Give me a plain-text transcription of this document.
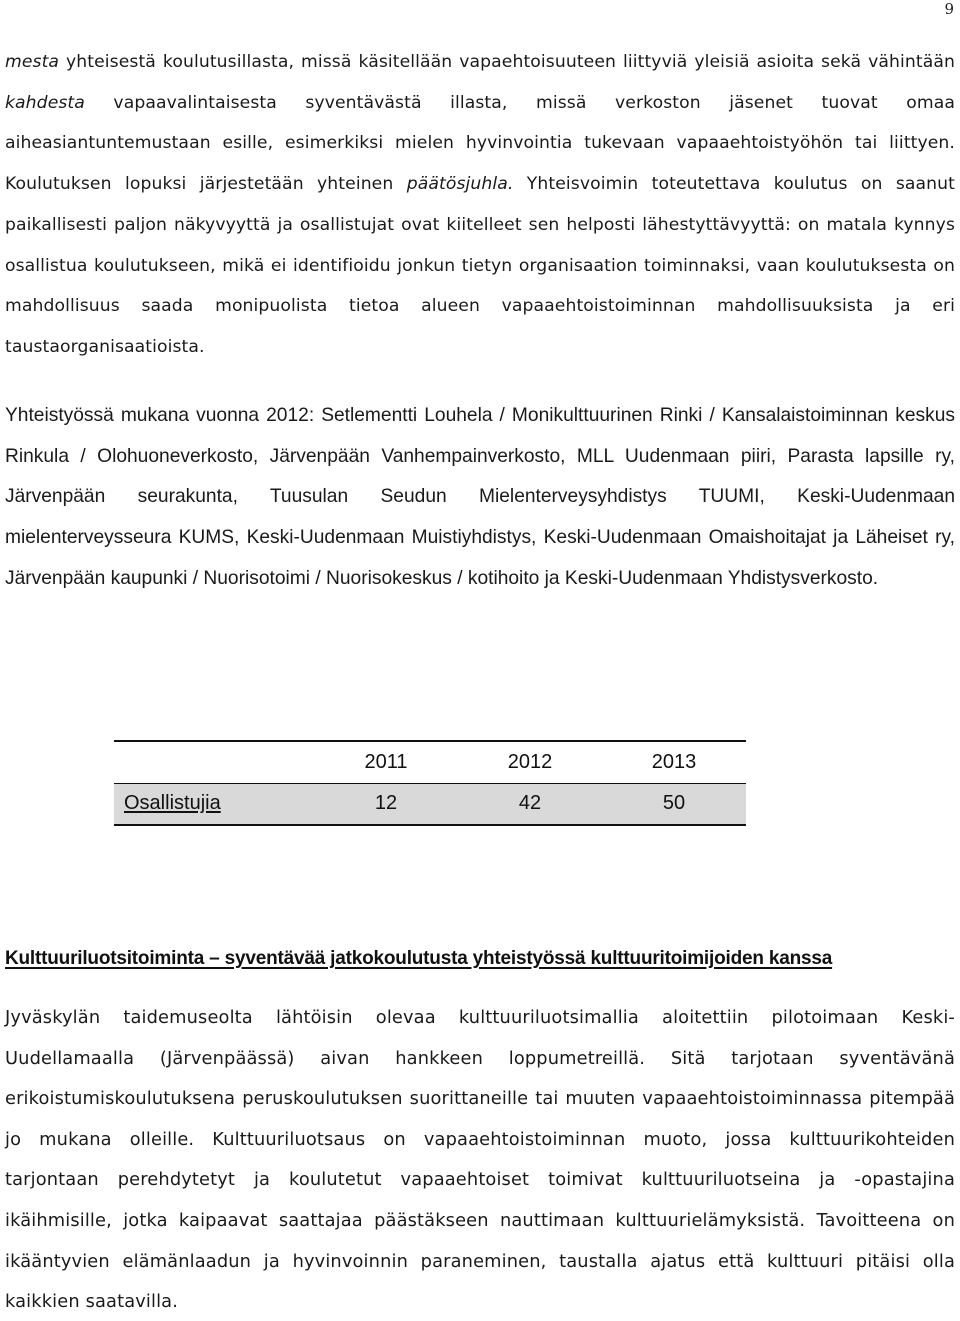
9

mesta yhteisestä koulutusillasta, missä käsitellään vapaehtoisuuteen liittyviä yleisiä asioita sekä vähintään kahdesta vapaavalintaisesta syventävästä illasta, missä verkoston jäsenet tuovat omaa aiheasiantuntemustaan esille, esimerkiksi mielen hyvinvointia tukevaan vapaaehtoistyöhön tai liittyen. Koulutuksen lopuksi järjestetään yhteinen päätösjuhla. Yhteisvoimin toteutettava koulutus on saanut paikallisesti paljon näkyvyyttä ja osallistujat ovat kiitelleet sen helposti lähestyttävyyttä: on matala kynnys osallistua koulutukseen, mikä ei identifioidu jonkun tietyn organisaation toiminnaksi, vaan koulutuksesta on mahdollisuus saada monipuolista tietoa alueen vapaaehtoistoiminnan mahdollisuuksista ja eri taustaorganisaatioista.

Yhteistyössä mukana vuonna 2012: Setlementti Louhela / Monikulttuurinen Rinki / Kansalaistoiminnan keskus Rinkula / Olohuoneverkosto, Järvenpään Vanhempainverkosto, MLL Uudenmaan piiri, Parasta lapsille ry, Järvenpään seurakunta, Tuusulan Seudun Mielenterveysyhdistys TUUMI, Keski-Uudenmaan mielenterveysseura KUMS, Keski-Uudenmaan Muistiyhdistys, Keski-Uudenmaan Omaishoitajat ja Läheiset ry, Järvenpään kaupunki / Nuorisotoimi / Nuorisokeskus / kotihoito ja Keski-Uudenmaan Yhdistysverkosto.

	2011	2012	2013
Osallistujia	12	42	50
Kulttuuriluotsitoiminta – syventävää jatkokoulutusta yhteistyössä kulttuuritoimijoiden kanssa

Jyväskylän taidemuseolta lähtöisin olevaa kulttuuriluotsimallia aloitettiin pilotoimaan Keski-Uudellamaalla (Järvenpäässä) aivan hankkeen loppumetreillä. Sitä tarjotaan syventävänä erikoistumiskoulutuksena peruskoulutuksen suorittaneille tai muuten vapaaehtoistoiminnassa pitempää jo mukana olleille. Kulttuuriluotsaus on vapaaehtoistoiminnan muoto, jossa kulttuurikohteiden tarjontaan perehdytetyt ja koulutetut vapaaehtoiset toimivat kulttuuriluotseina ja -opastajina ikäihmisille, jotka kaipaavat saattajaa päästäkseen nauttimaan kulttuurielämyksistä. Tavoitteena on ikääntyvien elämänlaadun ja hyvinvoinnin paraneminen, taustalla ajatus että kulttuuri pitäisi olla kaikkien saatavilla.
